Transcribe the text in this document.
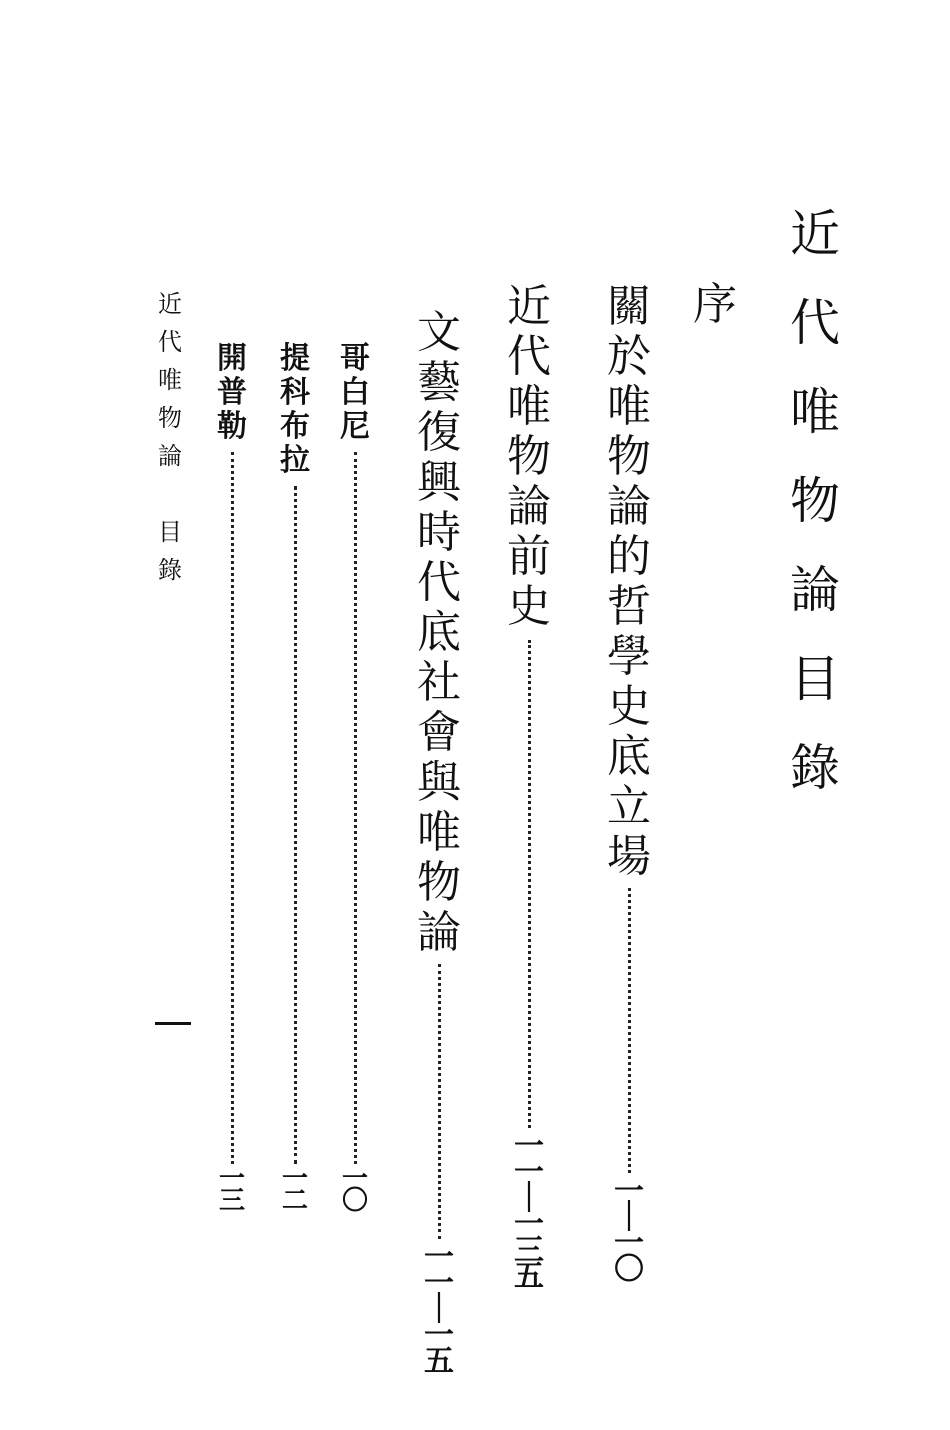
近
代
唯
物
論
目
錄
序
關
於
唯
物
論
的
哲
學
史
底
立
場
一
｜
一
〇
近
代
唯
物
論
前
史
一
一
｜
一
三
五
文
藝
復
興
時
代
底
社
會
與
唯
物
論
一
一
｜
一
五
哥
白
尼
一
〇
提
科
布
拉
一
二
開
普
勒
一
三
近
代
唯
物
論

目
錄
